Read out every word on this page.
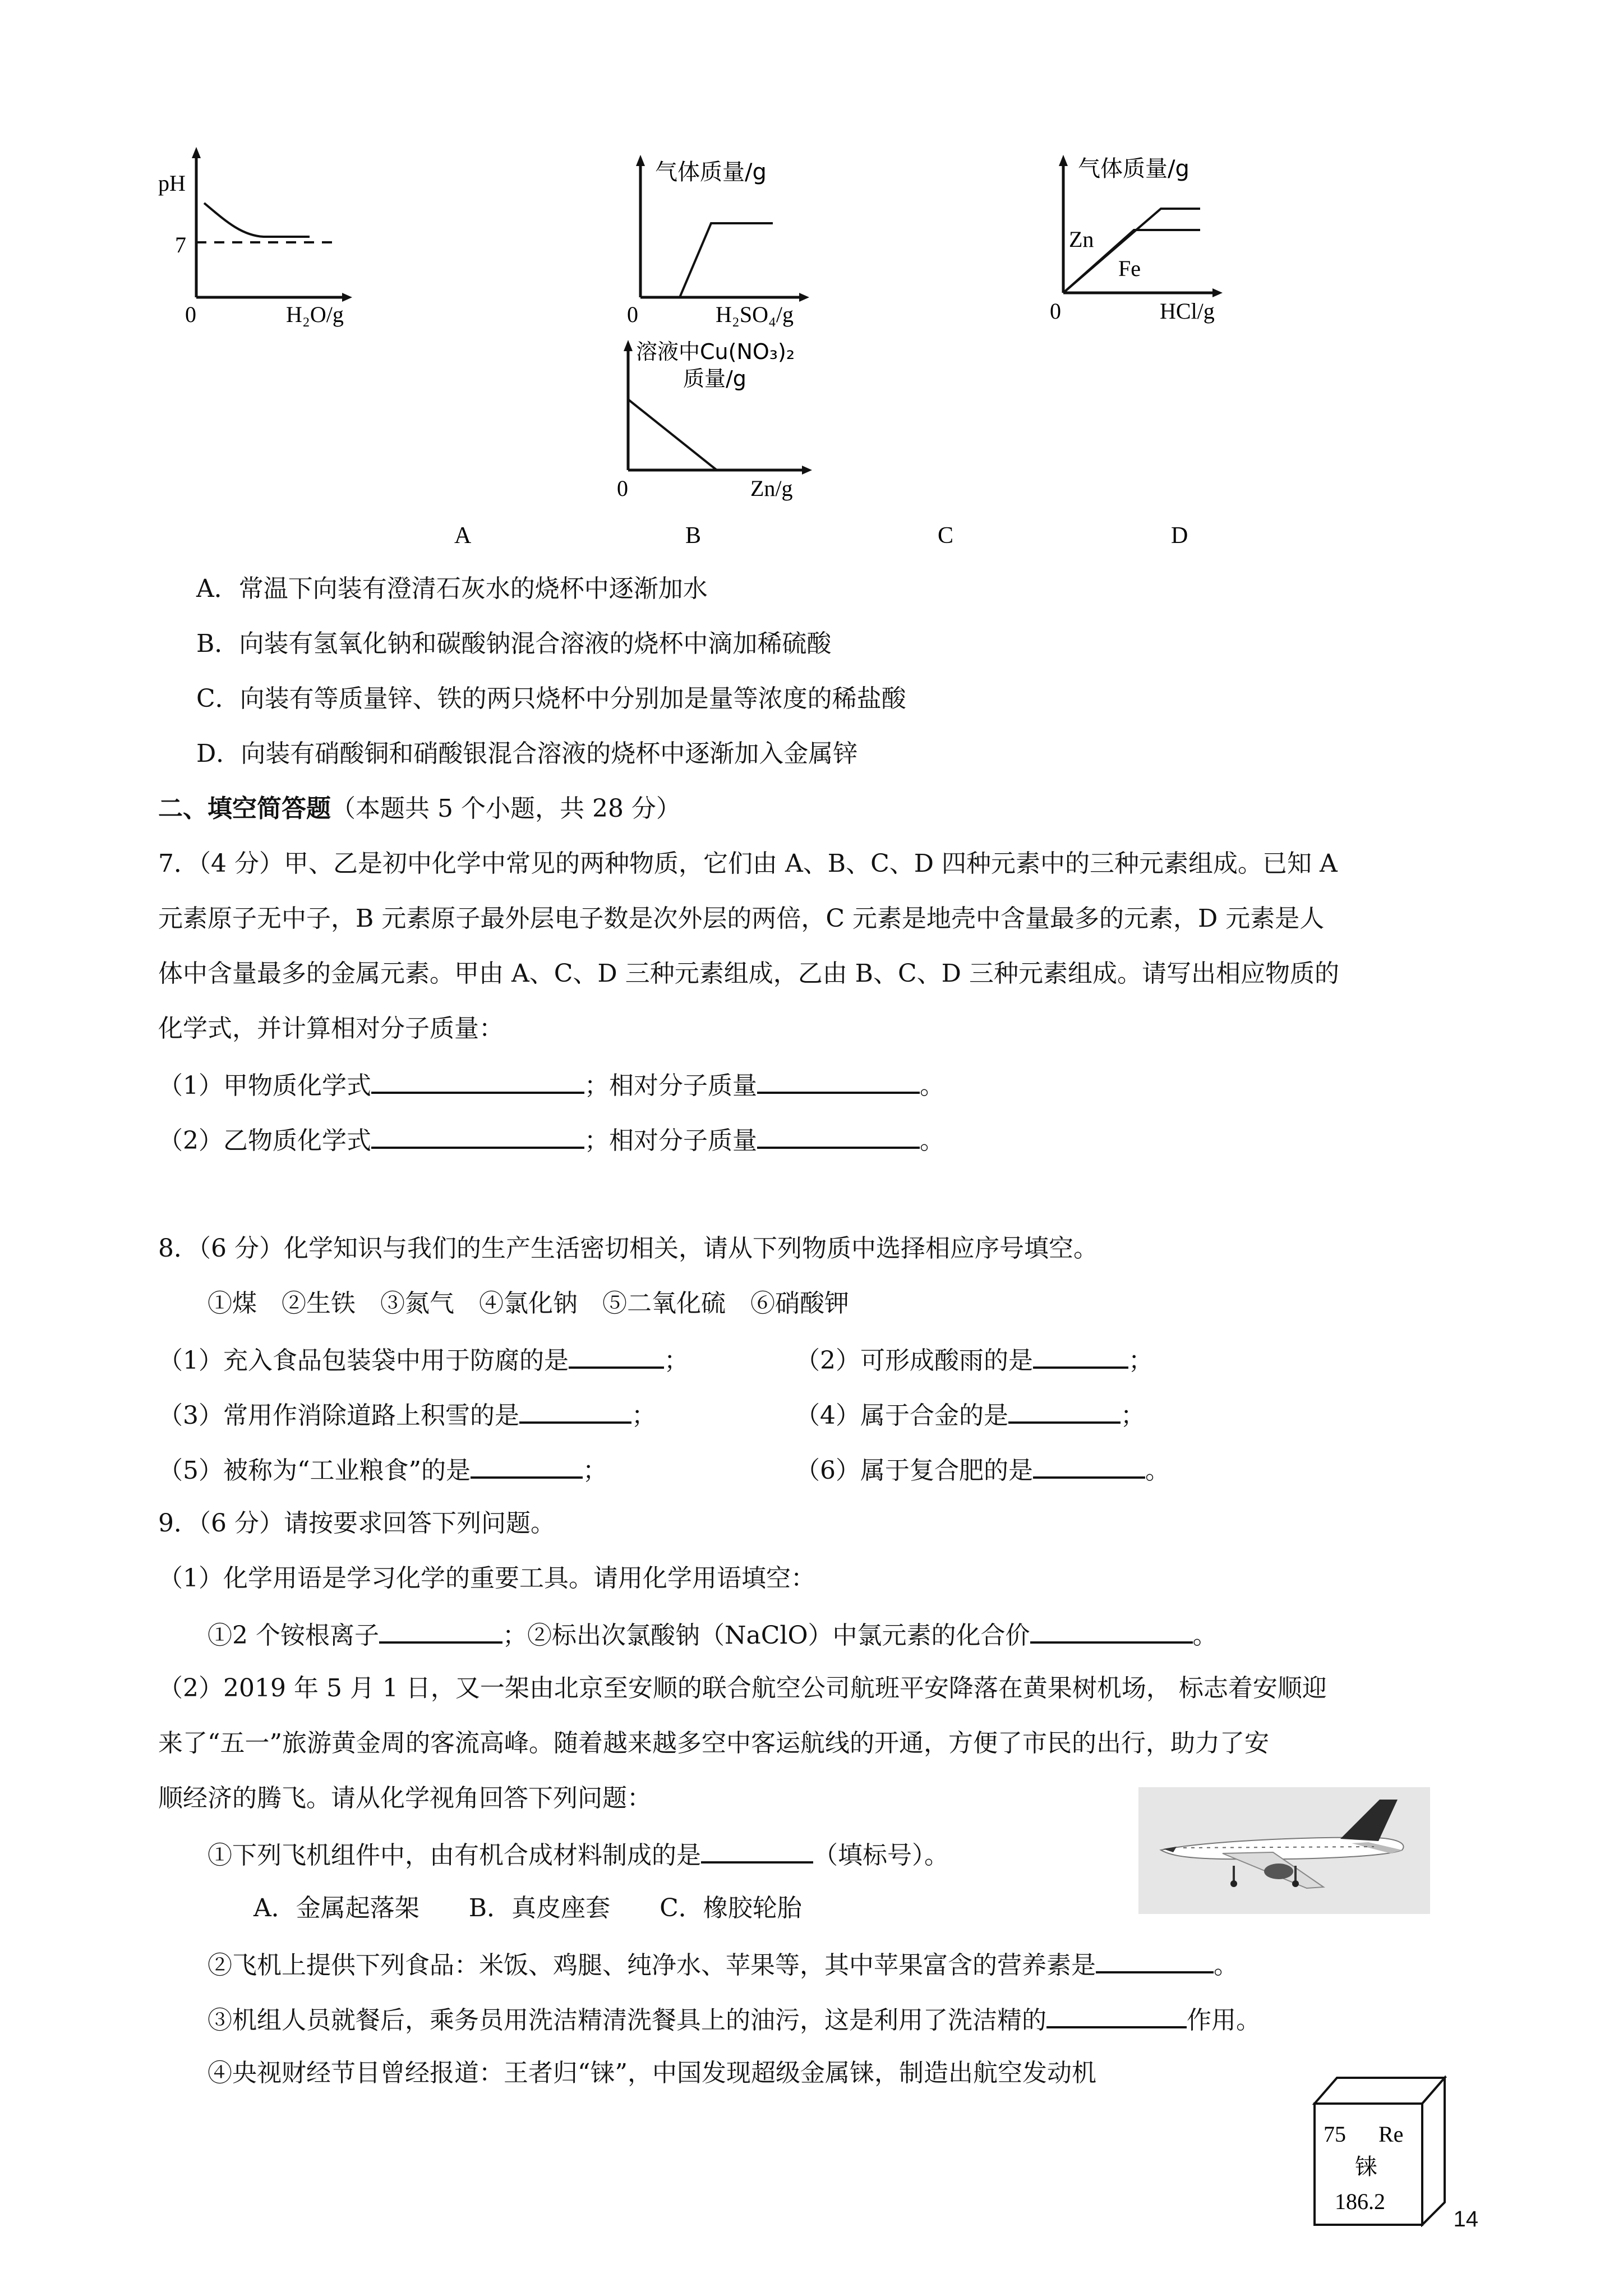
pH
7
0	H₂O/g
气体质量/g
0	H₂SO₄/g
气体质量/g
Zn
Fe
0	HCl/g
溶液中Cu(NO₃)₂
质量/g
0	Zn/g
A	B	C	D
A．常温下向装有澄清石灰水的烧杯中逐渐加水
B．向装有氢氧化钠和碳酸钠混合溶液的烧杯中滴加稀硫酸
C．向装有等质量锌、铁的两只烧杯中分别加是量等浓度的稀盐酸
D．向装有硝酸铜和硝酸银混合溶液的烧杯中逐渐加入金属锌
二、填空简答题（本题共 5 个小题，共 28 分）
7．（4 分）甲、乙是初中化学中常见的两种物质，它们由 A、B、C、D 四种元素中的三种元素组成。已知 A
元素原子无中子，B 元素原子最外层电子数是次外层的两倍，C 元素是地壳中含量最多的元素，D 元素是人
体中含量最多的金属元素。甲由 A、C、D 三种元素组成，乙由 B、C、D 三种元素组成。请写出相应物质的
化学式，并计算相对分子质量：
（1）甲物质化学式	；相对分子质量	。
（2）乙物质化学式	；相对分子质量	。
8．（6 分）化学知识与我们的生产生活密切相关，请从下列物质中选择相应序号填空。
①煤　②生铁　③氮气　④氯化钠　⑤二氧化硫　⑥硝酸钾
（1）充入食品包装袋中用于防腐的是	；	（2）可形成酸雨的是	；
（3）常用作消除道路上积雪的是	；	（4）属于合金的是	；
（5）被称为“工业粮食”的是	；	（6）属于复合肥的是	。
9．（6 分）请按要求回答下列问题。
（1）化学用语是学习化学的重要工具。请用化学用语填空：
①2 个铵根离子	；②标出次氯酸钠（NaClO）中氯元素的化合价	。
（2）2019 年 5 月 1 日，又一架由北京至安顺的联合航空公司航班平安降落在黄果树机场， 标志着安顺迎
来了“五一”旅游黄金周的客流高峰。随着越来越多空中客运航线的开通，方便了市民的出行，助力了安
顺经济的腾飞。请从化学视角回答下列问题：
①下列飞机组件中，由有机合成材料制成的是	（填标号）。
A．金属起落架　　B．真皮座套　　C．橡胶轮胎
②飞机上提供下列食品：米饭、鸡腿、纯净水、苹果等，其中苹果富含的营养素是	。
③机组人员就餐后，乘务员用洗洁精清洗餐具上的油污，这是利用了洗洁精的	作用。
④央视财经节目曾经报道：王者归“铼”，中国发现超级金属铼，制造出航空发动机
75 Re
铼
186.2
14
